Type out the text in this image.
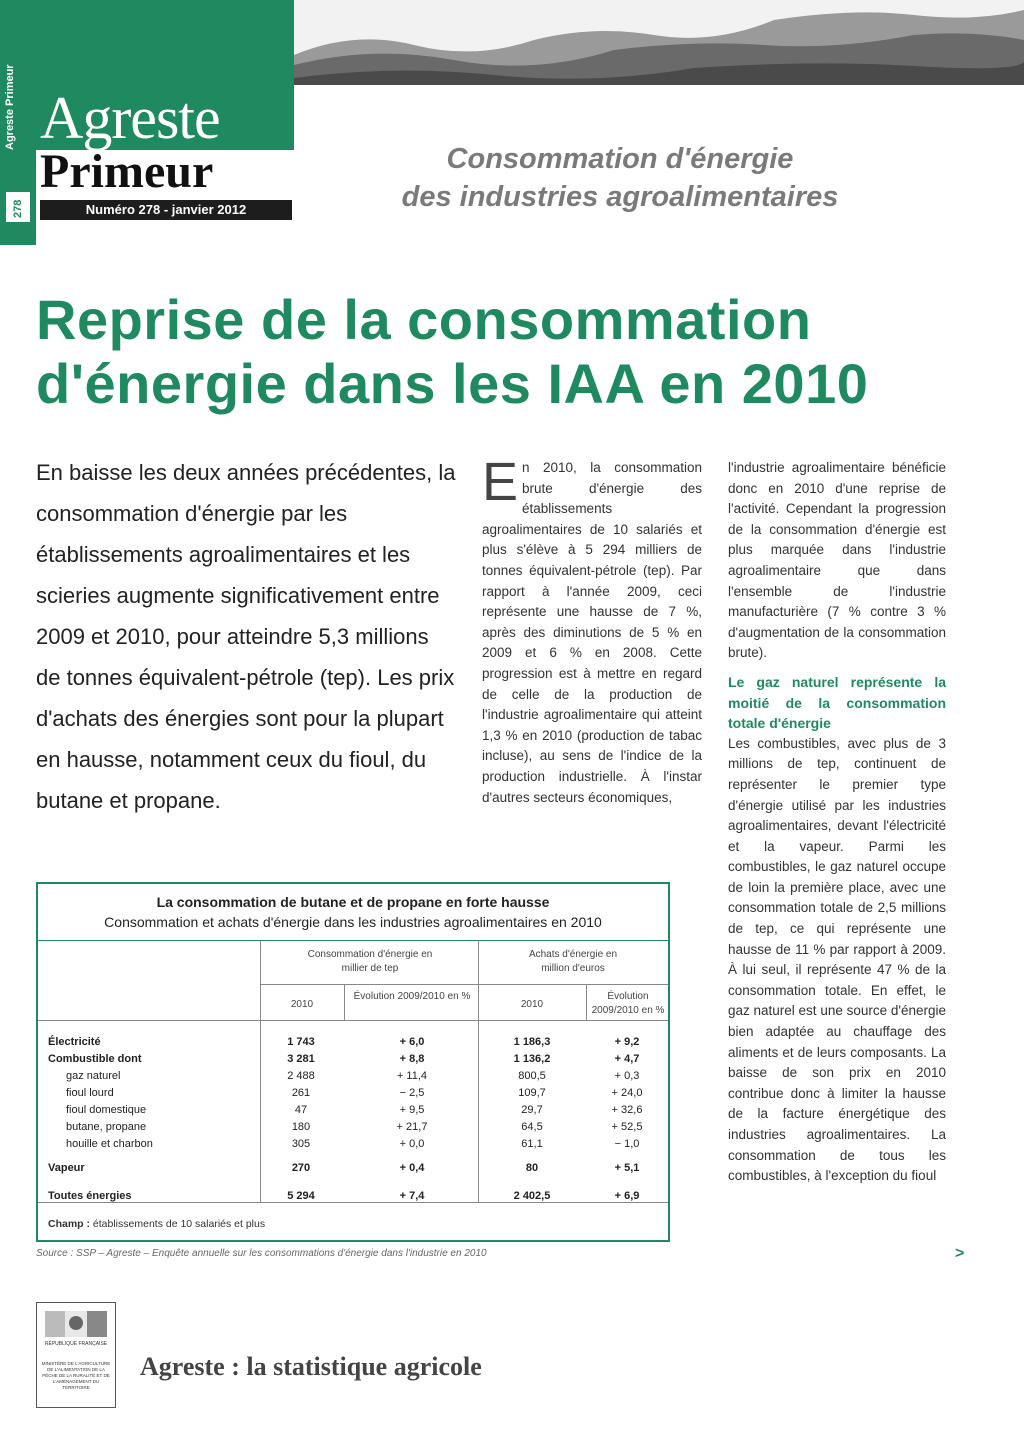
278
Agreste
Primeur
Numéro 278 - janvier 2012
Consommation d'énergie
des industries agroalimentaires
Reprise de la consommation
d'énergie dans les IAA en 2010
En baisse les deux années précédentes, la consommation d'énergie par les établissements agroalimentaires et les scieries augmente significativement entre 2009 et 2010, pour atteindre 5,3 millions de tonnes équivalent-pétrole (tep). Les prix d'achats des énergies sont pour la plupart en hausse, notamment ceux du fioul, du butane et propane.
En 2010, la consommation brute d'énergie des établissements agroalimentaires de 10 salariés et plus s'élève à 5 294 milliers de tonnes équivalent-pétrole (tep). Par rapport à l'année 2009, ceci représente une hausse de 7 %, après des diminutions de 5 % en 2009 et 6 % en 2008. Cette progression est à mettre en regard de celle de la production de l'industrie agroalimentaire qui atteint 1,3 % en 2010 (production de tabac incluse), au sens de l'indice de la production industrielle. À l'instar d'autres secteurs économiques,

l'industrie agroalimentaire bénéficie donc en 2010 d'une reprise de l'activité. Cependant la progression de la consommation d'énergie est plus marquée dans l'industrie agroalimentaire que dans l'ensemble de l'industrie manufacturière (7 % contre 3 % d'augmentation de la consommation brute).

Le gaz naturel représente la moitié de la consommation totale d'énergie

Les combustibles, avec plus de 3 millions de tep, continuent de représenter le premier type d'énergie utilisé par les industries agroalimentaires, devant l'électricité et la vapeur. Parmi les combustibles, le gaz naturel occupe de loin la première place, avec une consommation totale de 2,5 millions de tep, ce qui représente une hausse de 11 % par rapport à 2009. À lui seul, il représente 47 % de la consommation totale. En effet, le gaz naturel est une source d'énergie bien adaptée au chauffage des aliments et de leurs composants. La baisse de son prix en 2010 contribue donc à limiter la hausse de la facture énergétique des industries agroalimentaires. La consommation de tous les combustibles, à l'exception du fioul

>
La consommation de butane et de propane en forte hausse
Consommation et achats d'énergie dans les industries agroalimentaires en 2010
Consommation d'énergie en millier de tep
Achats d'énergie en million d'euros
2010
Évolution 2009/2010 en %
2010
Évolution 2009/2010 en %
Électricité	1 743	+ 6,0	1 186,3	+ 9,2
Combustible dont	3 281	+ 8,8	1 136,2	+ 4,7
gaz naturel	2 488	+ 11,4	800,5	+ 0,3
fioul lourd	261	− 2,5	109,7	+ 24,0
fioul domestique	47	+ 9,5	29,7	+ 32,6
butane, propane	180	+ 21,7	64,5	+ 52,5
houille et charbon	305	+ 0,0	61,1	− 1,0
Vapeur	270	+ 0,4	80	+ 5,1
Toutes énergies	5 294	+ 7,4	2 402,5	+ 6,9
Champ : établissements de 10 salariés et plus
Source : SSP – Agreste – Enquête annuelle sur les consommations d'énergie dans l'industrie en 2010
RÉPUBLIQUE FRANÇAISE
MINISTÈRE DE L'AGRICULTURE DE L'ALIMENTATION DE LA PÊCHE DE LA RURALITÉ ET DE L'AMÉNAGEMENT DU TERRITOIRE
Agreste : la statistique agricole
